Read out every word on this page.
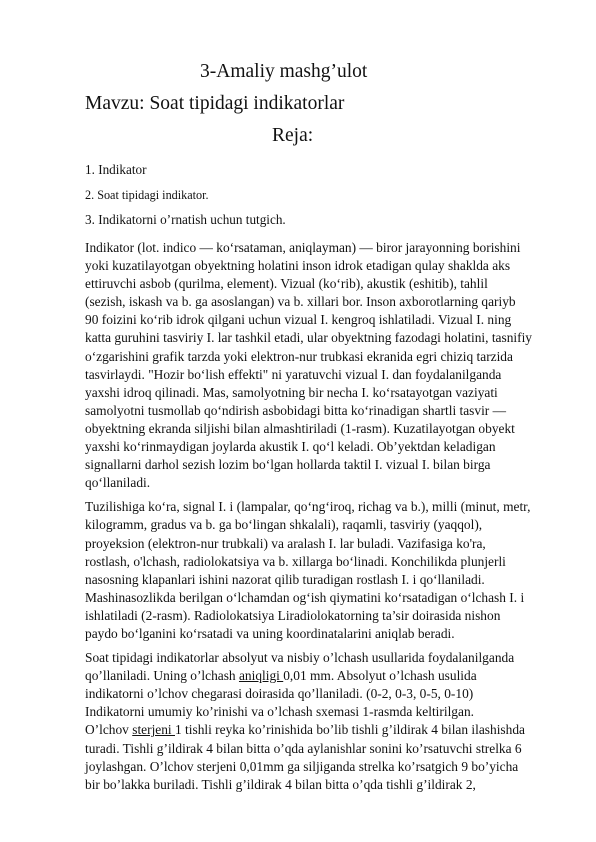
3-Amaliy mashg’ulot
Mavzu: Soat tipidagi indikatorlar
Reja:
1. Indikator
2. Soat tipidagi indikator.
3. Indikatorni o’rnatish uchun tutgich.

Indikator (lot. indico — ko‘rsataman, aniqlayman) — biror jarayonning borishini
yoki kuzatilayotgan obyektning holatini inson idrok etadigan qulay shaklda aks
ettiruvchi asbob (qurilma, element). Vizual (ko‘rib), akustik (eshitib), tahlil
(sezish, iskash va b. ga asoslangan) va b. xillari bor. Inson axborotlarning qariyb
90 foizini ko‘rib idrok qilgani uchun vizual I. kengroq ishlatiladi. Vizual I. ning
katta guruhini tasviriy I. lar tashkil etadi, ular obyektning fazodagi holatini, tasnifiy
o‘zgarishini grafik tarzda yoki elektron-nur trubkasi ekranida egri chiziq tarzida
tasvirlaydi. "Hozir bo‘lish effekti" ni yaratuvchi vizual I. dan foydalanilganda
yaxshi idroq qilinadi. Mas, samolyotning bir necha I. ko‘rsatayotgan vaziyati
samolyotni tusmollab qo‘ndirish asbobidagi bitta ko‘rinadigan shartli tasvir —
obyektning ekranda siljishi bilan almashtiriladi (1-rasm). Kuzatilayotgan obyekt
yaxshi ko‘rinmaydigan joylarda akustik I. qo‘l keladi. Ob’yektdan keladigan
signallarni darhol sezish lozim bo‘lgan hollarda taktil I. vizual I. bilan birga
qo‘llaniladi.

Tuzilishiga ko‘ra, signal I. i (lampalar, qo‘ng‘iroq, richag va b.), milli (minut, metr,
kilogramm, gradus va b. ga bo‘lingan shkalali), raqamli, tasviriy (yaqqol),
proyeksion (elektron-nur trubkali) va aralash I. lar buladi. Vazifasiga ko'ra,
rostlash, o'lchash, radiolokatsiya va b. xillarga bo‘linadi. Konchilikda plunjerli
nasosning klapanlari ishini nazorat qilib turadigan rostlash I. i qo‘llaniladi.
Mashinasozlikda berilgan o‘lchamdan og‘ish qiymatini ko‘rsatadigan o‘lchash I. i
ishlatiladi (2-rasm). Radiolokatsiya Liradiolokatorning ta’sir doirasida nishon
paydo bo‘lganini ko‘rsatadi va uning koordinatalarini aniqlab beradi.

Soat tipidagi indikatorlar absolyut va nisbiy o’lchash usullarida foydalanilganda
qo’llaniladi. Uning o’lchash aniqligi 0,01 mm. Absolyut o’lchash usulida
indikatorni o’lchov chegarasi doirasida qo’llaniladi. (0-2, 0-3, 0-5, 0-10)
Indikatorni umumiy ko’rinishi va o’lchash sxemasi 1-rasmda keltirilgan.
O’lchov sterjeni 1 tishli reyka ko’rinishida bo’lib tishli g’ildirak 4 bilan ilashishda
turadi. Tishli g’ildirak 4 bilan bitta o’qda aylanishlar sonini ko’rsatuvchi strelka 6
joylashgan. O’lchov sterjeni 0,01mm ga siljiganda strelka ko’rsatgich 9 bo’yicha
bir bo’lakka buriladi. Tishli g’ildirak 4 bilan bitta o’qda tishli g’ildirak 2,
